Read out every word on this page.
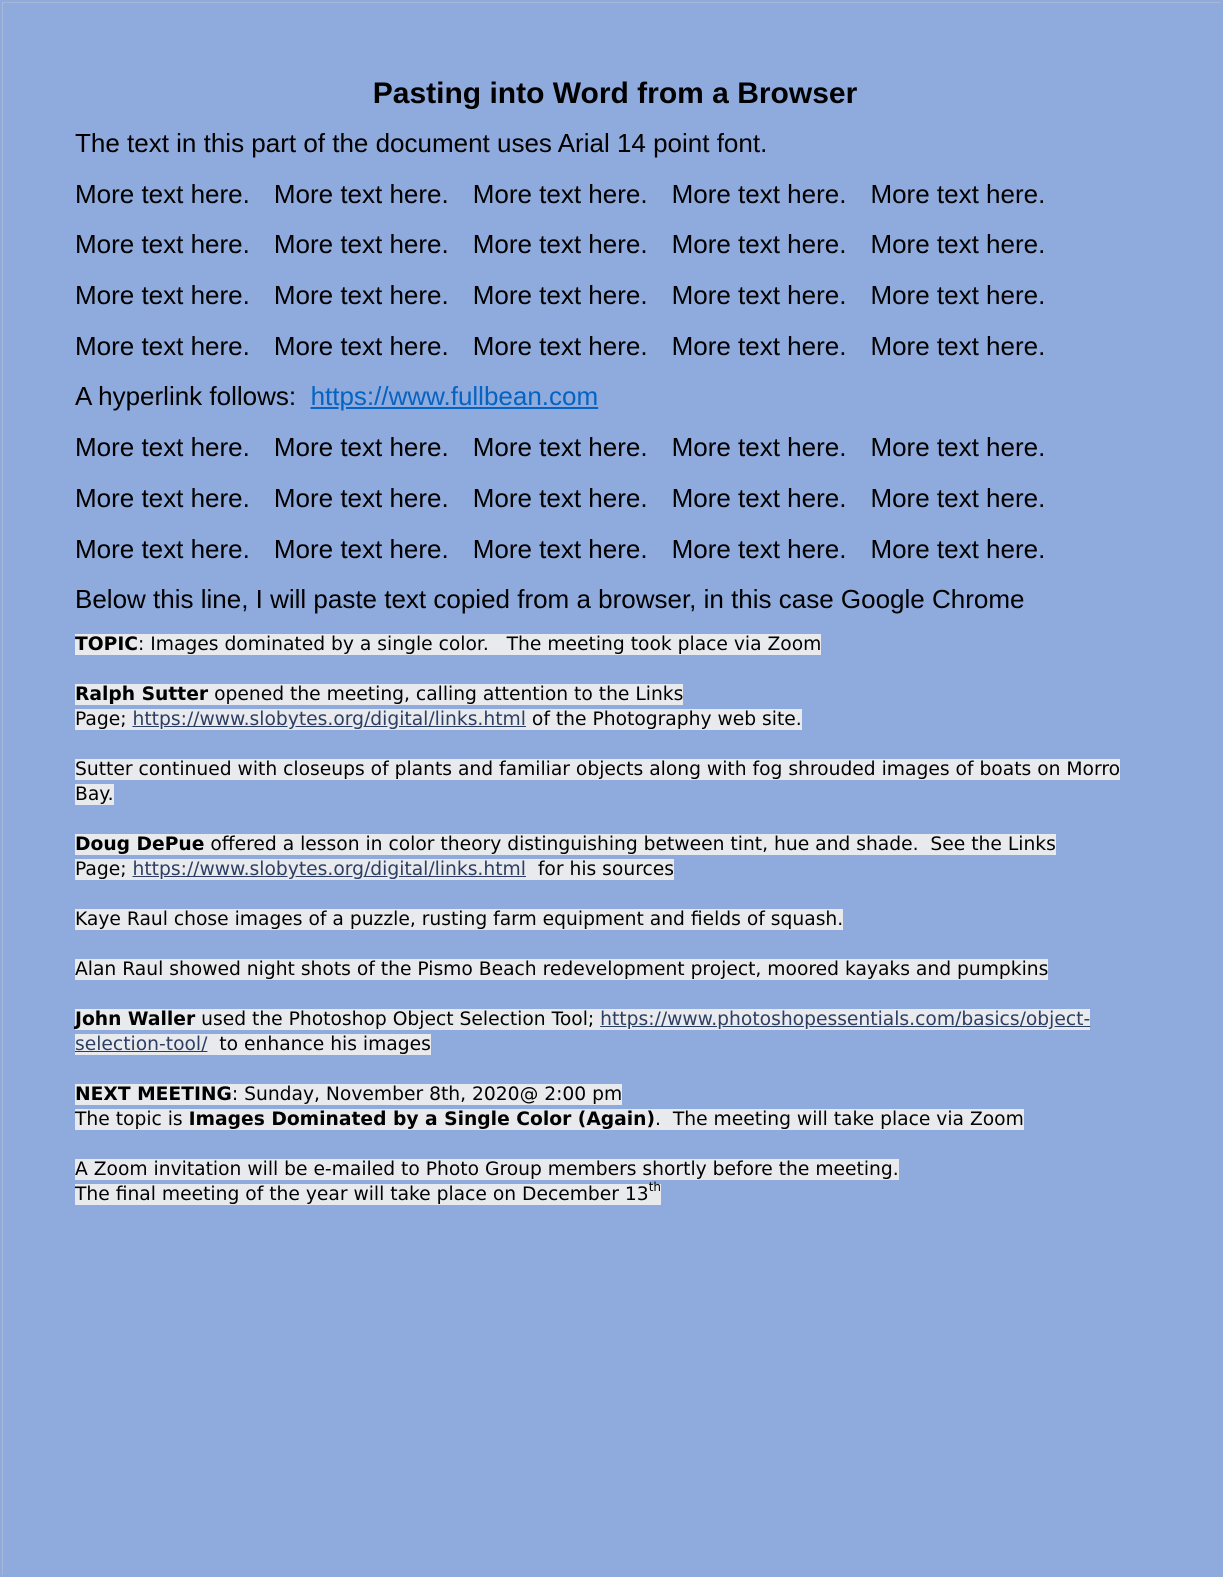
Pasting into Word from a Browser
The text in this part of the document uses Arial 14 point font.
More text here. More text here. More text here. More text here. More text here.
More text here. More text here. More text here. More text here. More text here.
More text here. More text here. More text here. More text here. More text here.
More text here. More text here. More text here. More text here. More text here.
A hyperlink follows: https://www.fullbean.com
More text here. More text here. More text here. More text here. More text here.
More text here. More text here. More text here. More text here. More text here.
More text here. More text here. More text here. More text here. More text here.
Below this line, I will paste text copied from a browser, in this case Google Chrome
TOPIC: Images dominated by a single color.   The meeting took place via Zoom
Ralph Sutter opened the meeting, calling attention to the Links
Page; https://www.slobytes.org/digital/links.html of the Photography web site.
Sutter continued with closeups of plants and familiar objects along with fog shrouded images of boats on Morro Bay.
Doug DePue offered a lesson in color theory distinguishing between tint, hue and shade.  See the Links
Page; https://www.slobytes.org/digital/links.html  for his sources
Kaye Raul chose images of a puzzle, rusting farm equipment and fields of squash.
Alan Raul showed night shots of the Pismo Beach redevelopment project, moored kayaks and pumpkins
John Waller used the Photoshop Object Selection Tool; https://www.photoshopessentials.com/basics/object-selection-tool/  to enhance his images
NEXT MEETING: Sunday, November 8th, 2020@ 2:00 pm
The topic is Images Dominated by a Single Color (Again).  The meeting will take place via Zoom
A Zoom invitation will be e-mailed to Photo Group members shortly before the meeting.
The final meeting of the year will take place on December 13th
